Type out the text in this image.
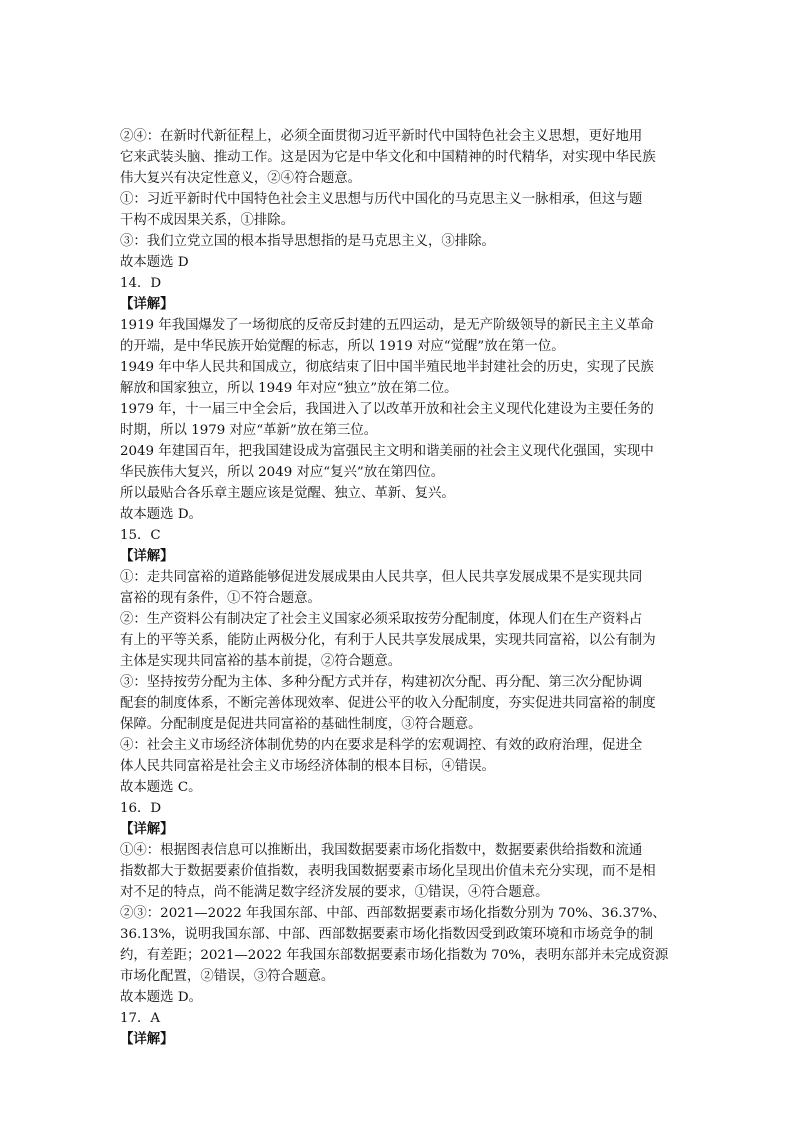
②④：在新时代新征程上，必须全面贯彻习近平新时代中国特色社会主义思想，更好地用
它来武装头脑、推动工作。这是因为它是中华文化和中国精神的时代精华，对实现中华民族
伟大复兴有决定性意义，②④符合题意。
①：习近平新时代中国特色社会主义思想与历代中国化的马克思主义一脉相承，但这与题
干构不成因果关系，①排除。
③：我们立党立国的根本指导思想指的是马克思主义，③排除。
故本题选 D
14．D
【详解】
1919 年我国爆发了一场彻底的反帝反封建的五四运动，是无产阶级领导的新民主主义革命
的开端，是中华民族开始觉醒的标志，所以 1919 对应“觉醒”放在第一位。
1949 年中华人民共和国成立，彻底结束了旧中国半殖民地半封建社会的历史，实现了民族
解放和国家独立，所以 1949 年对应“独立”放在第二位。
1979 年，十一届三中全会后，我国进入了以改革开放和社会主义现代化建设为主要任务的
时期，所以 1979 对应“革新”放在第三位。
2049 年建国百年，把我国建设成为富强民主文明和谐美丽的社会主义现代化强国，实现中
华民族伟大复兴，所以 2049 对应“复兴”放在第四位。
所以最贴合各乐章主题应该是觉醒、独立、革新、复兴。
故本题选 D。
15．C
【详解】
①：走共同富裕的道路能够促进发展成果由人民共享，但人民共享发展成果不是实现共同
富裕的现有条件，①不符合题意。
②：生产资料公有制决定了社会主义国家必须采取按劳分配制度，体现人们在生产资料占
有上的平等关系，能防止两极分化，有利于人民共享发展成果，实现共同富裕，以公有制为
主体是实现共同富裕的基本前提，②符合题意。
③：坚持按劳分配为主体、多种分配方式并存，构建初次分配、再分配、第三次分配协调
配套的制度体系，不断完善体现效率、促进公平的收入分配制度，夯实促进共同富裕的制度
保障。分配制度是促进共同富裕的基础性制度，③符合题意。
④：社会主义市场经济体制优势的内在要求是科学的宏观调控、有效的政府治理，促进全
体人民共同富裕是社会主义市场经济体制的根本目标，④错误。
故本题选 C。
16．D
【详解】
①④：根据图表信息可以推断出，我国数据要素市场化指数中，数据要素供给指数和流通
指数都大于数据要素价值指数，表明我国数据要素市场化呈现出价值未充分实现，而不是相
对不足的特点，尚不能满足数字经济发展的要求，①错误，④符合题意。
②③：2021—2022 年我国东部、中部、西部数据要素市场化指数分别为 70%、36.37%、
36.13%，说明我国东部、中部、西部数据要素市场化指数因受到政策环境和市场竞争的制
约，有差距；2021—2022 年我国东部数据要素市场化指数为 70%，表明东部并未完成资源
市场化配置，②错误，③符合题意。
故本题选 D。
17．A
【详解】
